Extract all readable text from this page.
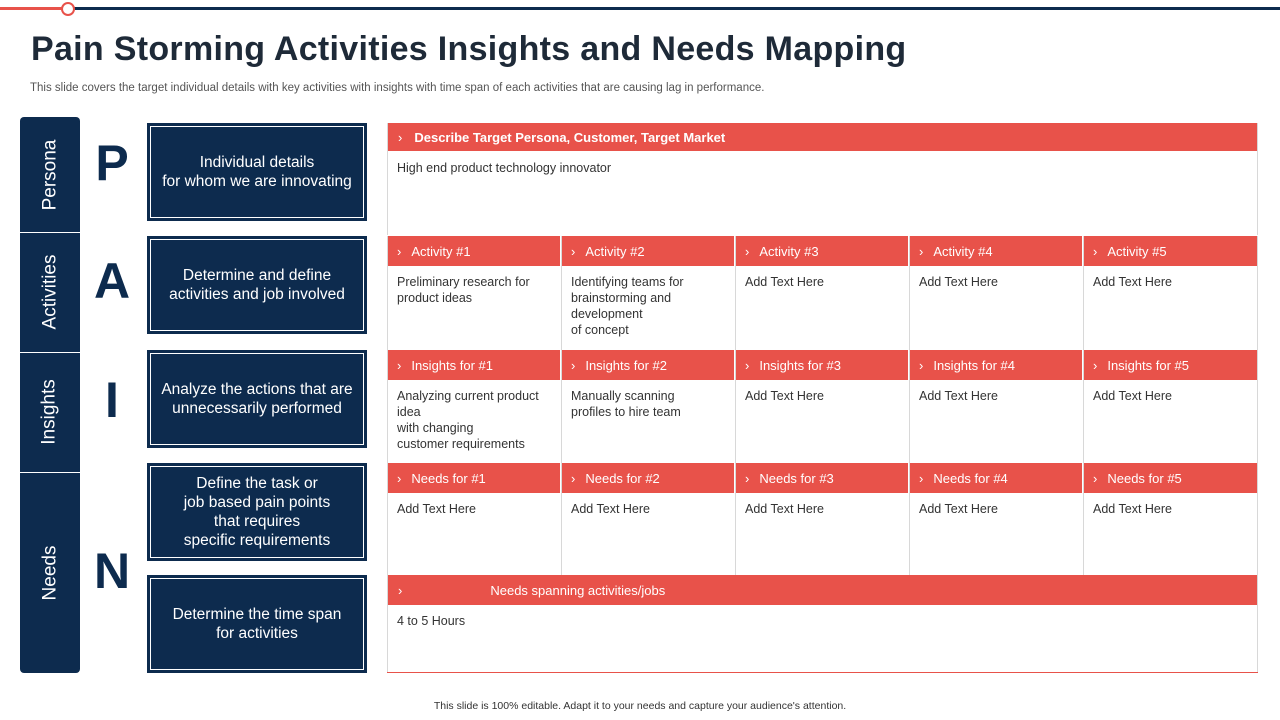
Pain Storming Activities Insights and Needs Mapping
This slide covers the target individual details with key activities with insights with time span of each activities that are causing lag in performance.
Persona
Activities
Insights
Needs
P
A
I
N
Individual details
for whom we are innovating
Determine and define
activities and job involved
Analyze the actions that are
unnecessarily performed
Define the task or
job based pain points
that requires
specific requirements
Determine the time span
for activities
› Describe Target Persona, Customer, Target Market
High end product technology innovator
› Activity #1
Preliminary research for
product ideas
› Activity #2
Identifying teams for
brainstorming and
development
of concept
› Activity #3
Add Text Here
› Activity #4
Add Text Here
› Activity #5
Add Text Here
› Insights for #1
Analyzing current product
idea
with changing
customer requirements
› Insights for #2
Manually scanning
profiles to hire team
› Insights for #3
Add Text Here
› Insights for #4
Add Text Here
› Insights for #5
Add Text Here
› Needs for #1
Add Text Here
› Needs for #2
Add Text Here
› Needs for #3
Add Text Here
› Needs for #4
Add Text Here
› Needs for #5
Add Text Here
›	Needs spanning activities/jobs
4 to 5 Hours
This slide is 100% editable. Adapt it to your needs and capture your audience's attention.
